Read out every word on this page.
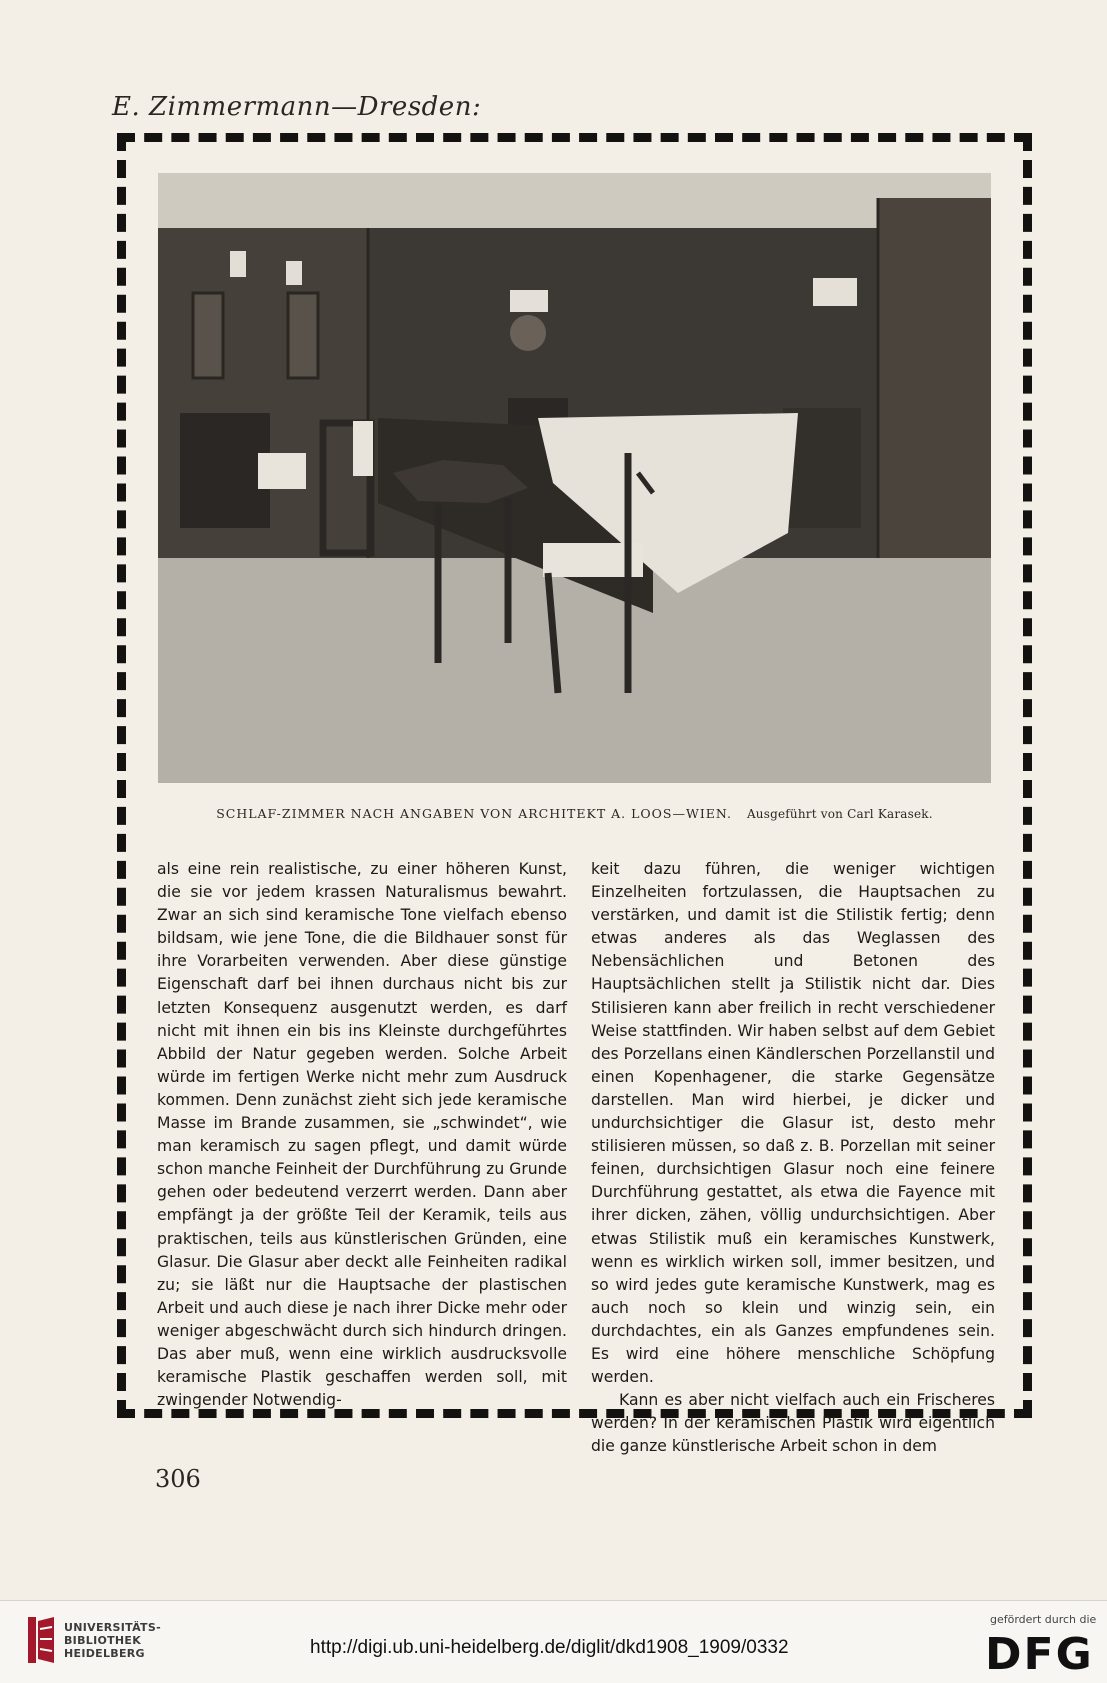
E. Zimmermann—Dresden:
SCHLAF-ZIMMER NACH ANGABEN VON ARCHITEKT A. LOOS—WIEN. Ausgeführt von Carl Karasek.

als eine rein realistische, zu einer höheren Kunst, die sie vor jedem krassen Naturalismus bewahrt. Zwar an sich sind keramische Tone vielfach ebenso bildsam, wie jene Tone, die die Bildhauer sonst für ihre Vorarbeiten verwenden. Aber diese günstige Eigenschaft darf bei ihnen durchaus nicht bis zur letzten Konsequenz ausgenutzt werden, es darf nicht mit ihnen ein bis ins Kleinste durchgeführtes Abbild der Natur gegeben werden. Solche Arbeit würde im fertigen Werke nicht mehr zum Ausdruck kommen. Denn zunächst zieht sich jede keramische Masse im Brande zusammen, sie „schwindet“, wie man keramisch zu sagen pflegt, und damit würde schon manche Feinheit der Durchführung zu Grunde gehen oder bedeutend verzerrt werden. Dann aber empfängt ja der größte Teil der Keramik, teils aus praktischen, teils aus künstlerischen Gründen, eine Glasur. Die Glasur aber deckt alle Feinheiten radikal zu; sie läßt nur die Hauptsache der plastischen Arbeit und auch diese je nach ihrer Dicke mehr oder weniger abgeschwächt durch sich hindurch dringen. Das aber muß, wenn eine wirklich ausdrucksvolle keramische Plastik geschaffen werden soll, mit zwingender Notwendig-

keit dazu führen, die weniger wichtigen Einzelheiten fortzulassen, die Hauptsachen zu verstärken, und damit ist die Stilistik fertig; denn etwas anderes als das Weglassen des Nebensächlichen und Betonen des Hauptsächlichen stellt ja Stilistik nicht dar. Dies Stilisieren kann aber freilich in recht verschiedener Weise stattfinden. Wir haben selbst auf dem Gebiet des Porzellans einen Kändlerschen Porzellanstil und einen Kopenhagener, die starke Gegensätze darstellen. Man wird hierbei, je dicker und undurchsichtiger die Glasur ist, desto mehr stilisieren müssen, so daß z. B. Porzellan mit seiner feinen, durchsichtigen Glasur noch eine feinere Durchführung gestattet, als etwa die Fayence mit ihrer dicken, zähen, völlig undurchsichtigen. Aber etwas Stilistik muß ein keramisches Kunstwerk, wenn es wirklich wirken soll, immer besitzen, und so wird jedes gute keramische Kunstwerk, mag es auch noch so klein und winzig sein, ein durchdachtes, ein als Ganzes empfundenes sein. Es wird eine höhere menschliche Schöpfung werden.

Kann es aber nicht vielfach auch ein Frischeres werden? In der keramischen Plastik wird eigentlich die ganze künstlerische Arbeit schon in dem

306
UNIVERSITÄTS-
BIBLIOTHEK
HEIDELBERG	http://digi.ub.uni-heidelberg.de/diglit/dkd1908_1909/0332
gefördert durch die
DFG
